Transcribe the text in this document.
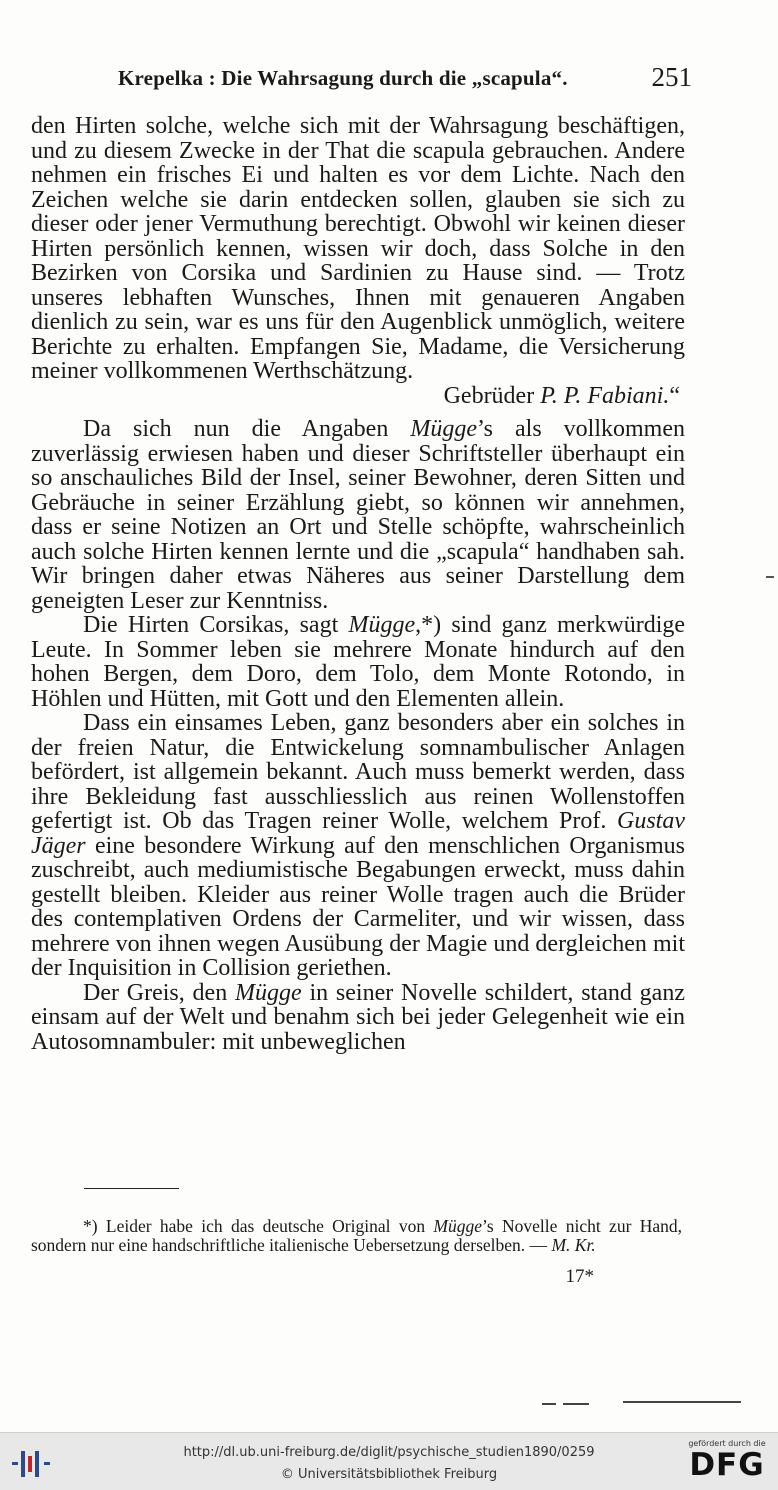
Krepelka : Die Wahrsagung durch die „scapula“.	251

den Hirten solche, welche sich mit der Wahrsagung beschäftigen, und zu diesem Zwecke in der That die scapula gebrauchen. Andere nehmen ein frisches Ei und halten es vor dem Lichte. Nach den Zeichen welche sie darin entdecken sollen, glauben sie sich zu dieser oder jener Vermuthung berechtigt. Obwohl wir keinen dieser Hirten persönlich kennen, wissen wir doch, dass Solche in den Bezirken von Corsika und Sardinien zu Hause sind. — Trotz unseres lebhaften Wunsches, Ihnen mit genaueren Angaben dienlich zu sein, war es uns für den Augenblick unmöglich, weitere Berichte zu erhalten. Empfangen Sie, Madame, die Versicherung meiner vollkommenen Werthschätzung.

Gebrüder P. P. Fabiani.“

Da sich nun die Angaben Mügge’s als vollkommen zuverlässig erwiesen haben und dieser Schriftsteller überhaupt ein so anschauliches Bild der Insel, seiner Bewohner, deren Sitten und Gebräuche in seiner Erzählung giebt, so können wir annehmen, dass er seine Notizen an Ort und Stelle schöpfte, wahrscheinlich auch solche Hirten kennen lernte und die „scapula“ handhaben sah. Wir bringen daher etwas Näheres aus seiner Darstellung dem geneigten Leser zur Kenntniss.

Die Hirten Corsikas, sagt Mügge,*) sind ganz merkwürdige Leute. In Sommer leben sie mehrere Monate hindurch auf den hohen Bergen, dem Doro, dem Tolo, dem Monte Rotondo, in Höhlen und Hütten, mit Gott und den Elementen allein.

Dass ein einsames Leben, ganz besonders aber ein solches in der freien Natur, die Entwickelung somnambulischer Anlagen befördert, ist allgemein bekannt. Auch muss bemerkt werden, dass ihre Bekleidung fast ausschliesslich aus reinen Wollenstoffen gefertigt ist. Ob das Tragen reiner Wolle, welchem Prof. Gustav Jäger eine besondere Wirkung auf den menschlichen Organismus zuschreibt, auch mediumistische Begabungen erweckt, muss dahin gestellt bleiben. Kleider aus reiner Wolle tragen auch die Brüder des contemplativen Ordens der Carmeliter, und wir wissen, dass mehrere von ihnen wegen Ausübung der Magie und dergleichen mit der Inquisition in Collision geriethen.

Der Greis, den Mügge in seiner Novelle schildert, stand ganz einsam auf der Welt und benahm sich bei jeder Gelegenheit wie ein Autosomnambuler: mit unbeweglichen

*) Leider habe ich das deutsche Original von Mügge’s Novelle nicht zur Hand, sondern nur eine handschriftliche italienische Uebersetzung derselben. — M. Kr.

17*
http://dl.ub.uni-freiburg.de/diglit/psychische_studien1890/0259
© Universitätsbibliothek Freiburg
gefördert durch die
DFG
